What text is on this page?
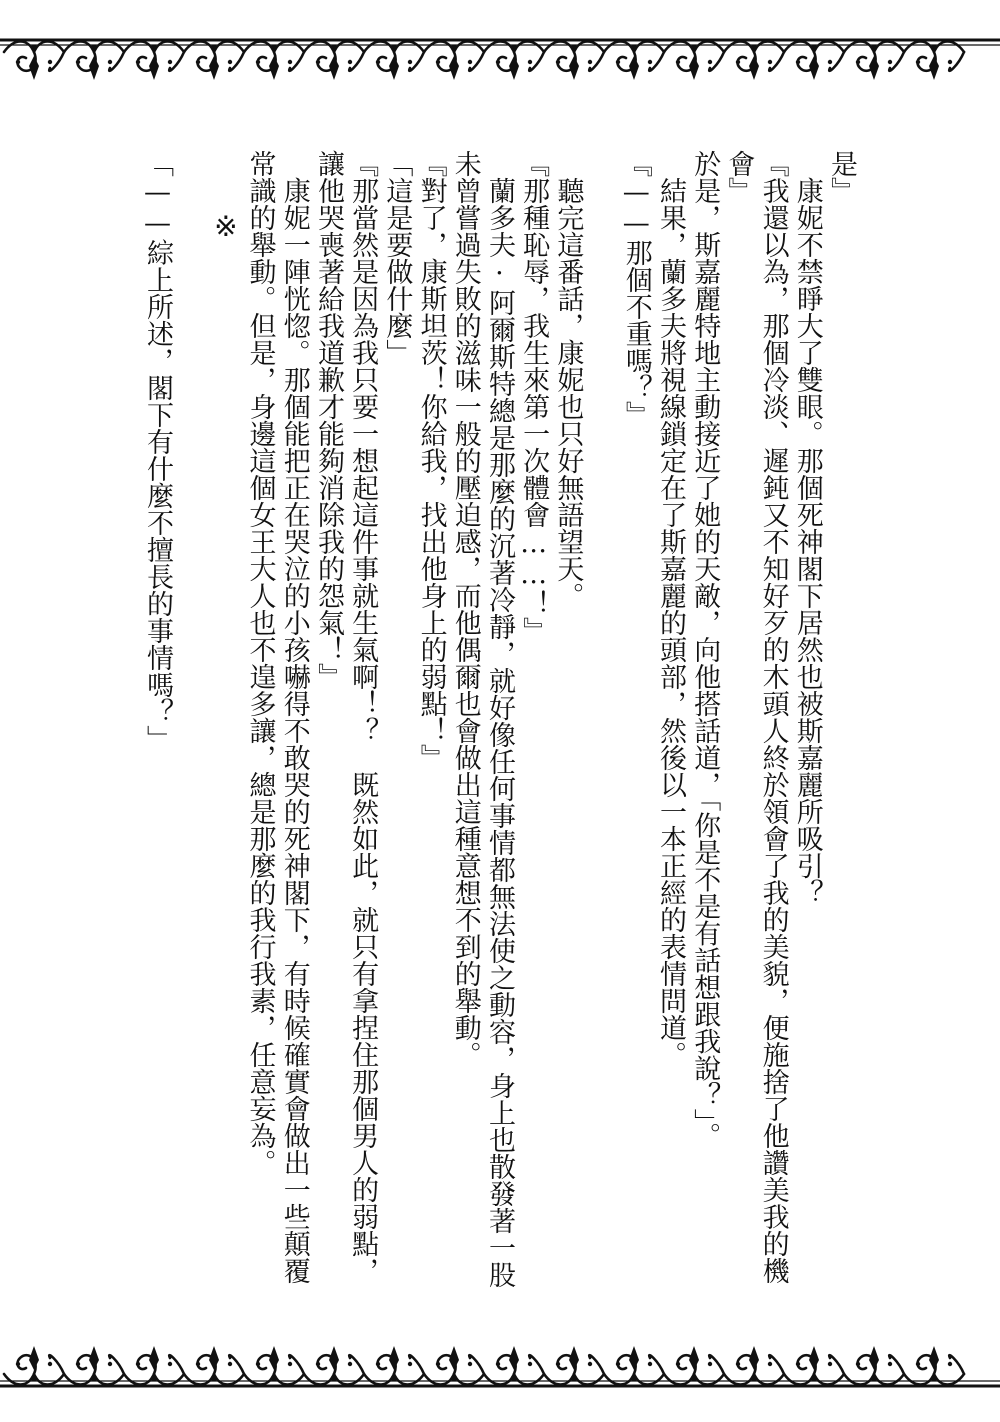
是』

康妮不禁睜大了雙眼。那個死神閣下居然也被斯嘉麗所吸引？

『我還以為，那個冷淡、遲鈍又不知好歹的木頭人終於領會了我的美貌，便施捨了他讚美我的機會』

於是，斯嘉麗特地主動接近了她的天敵，向他搭話道，「你是不是有話想跟我說？」。

結果，蘭多夫將視線鎖定在了斯嘉麗的頭部，然後以一本正經的表情問道。

『——那個不重嗎？』

聽完這番話，康妮也只好無語望天。

『那種恥辱，我生來第一次體會……！』

蘭多夫·阿爾斯特總是那麼的沉著冷靜，就好像任何事情都無法使之動容，身上也散發著一股未曾嘗過失敗的滋味一般的壓迫感，而他偶爾也會做出這種意想不到的舉動。

『對了，康斯坦茨！你給我，找出他身上的弱點！』

「這是要做什麼」

『那當然是因為我只要一想起這件事就生氣啊！？　既然如此，就只有拿捏住那個男人的弱點，讓他哭喪著給我道歉才能夠消除我的怨氣！』

康妮一陣恍惚。那個能把正在哭泣的小孩嚇得不敢哭的死神閣下，有時候確實會做出一些顛覆常識的舉動。但是，身邊這個女王大人也不遑多讓，總是那麼的我行我素，任意妄為。

※

「——綜上所述，閣下有什麼不擅長的事情嗎？」
